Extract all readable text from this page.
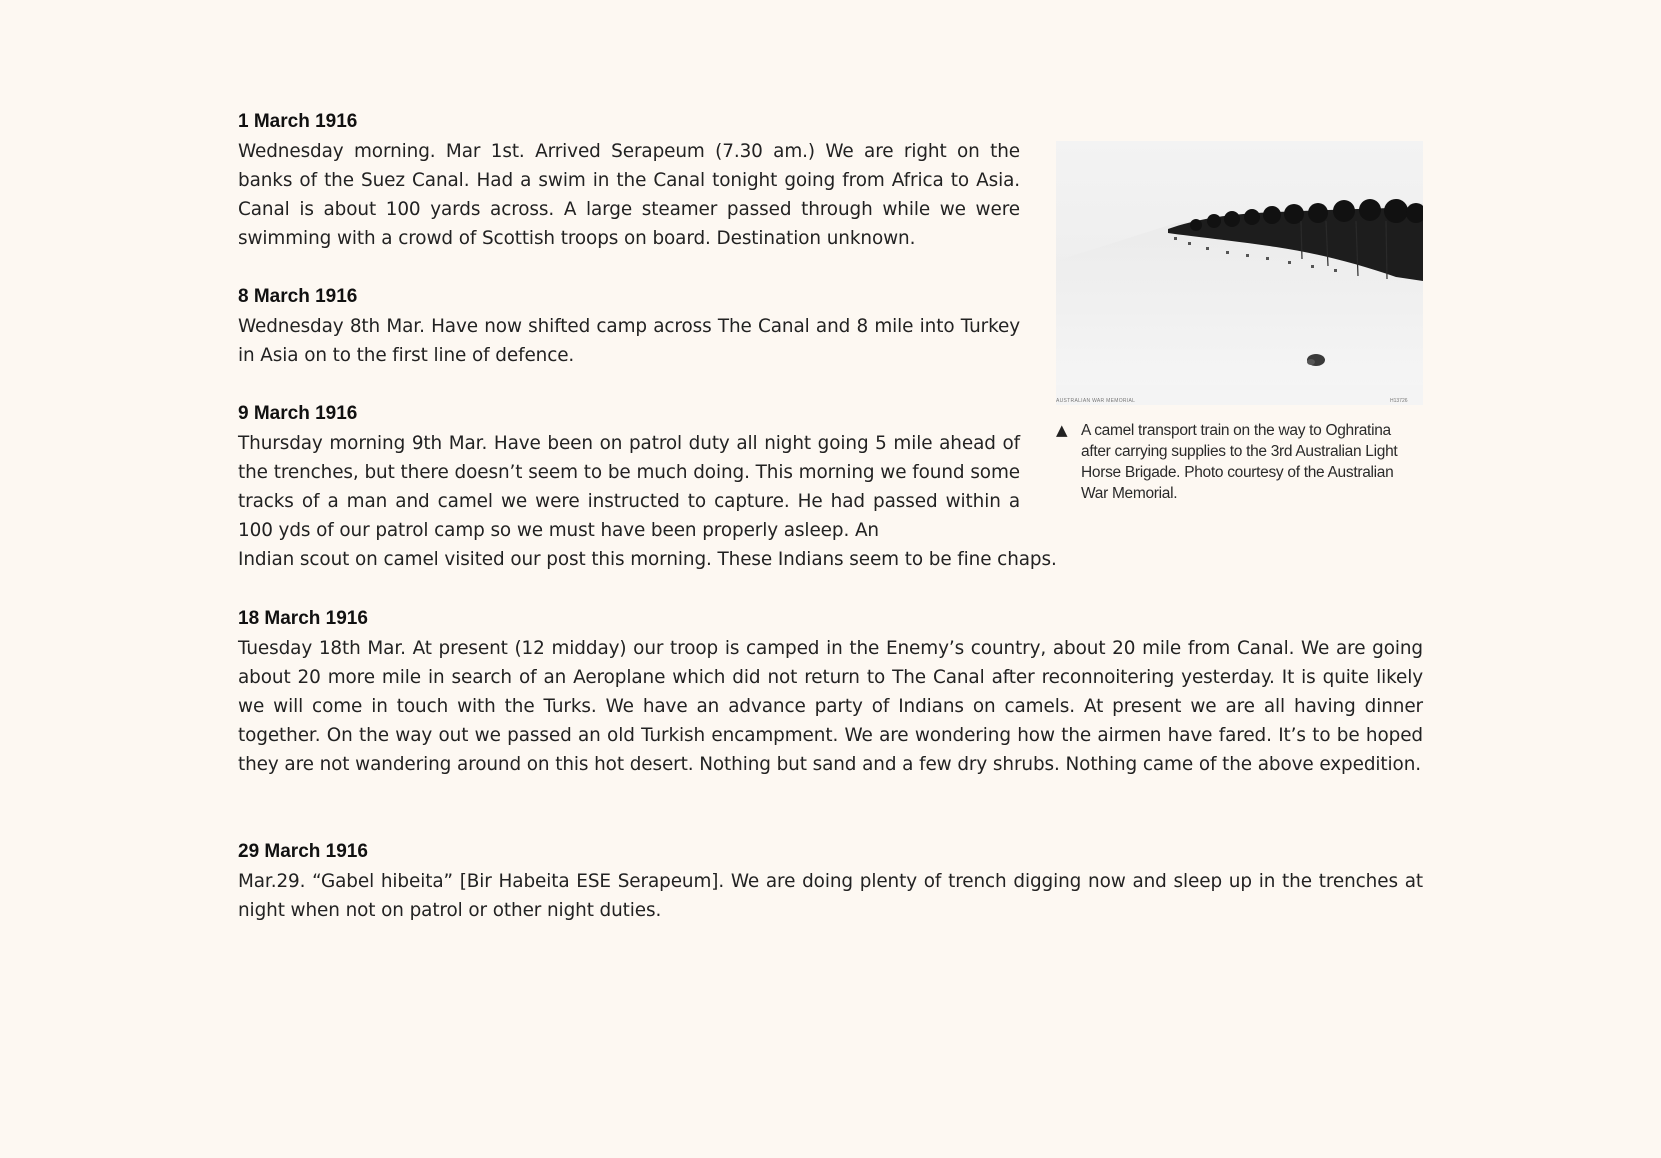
1 March 1916

Wednesday morning. Mar 1st. Arrived Serapeum (7.30 am.) We are right on the banks of the Suez Canal. Had a swim in the Canal tonight going from Africa to Asia. Canal is about 100 yards across. A large steamer passed through while we were swimming with a crowd of Scottish troops on board. Destination unknown.

8 March 1916

Wednesday 8th Mar. Have now shifted camp across The Canal and 8 mile into Turkey in Asia on to the first line of defence.

9 March 1916

Thursday morning 9th Mar. Have been on patrol duty all night going 5 mile ahead of the trenches, but there doesn’t seem to be much doing. This morning we found some tracks of a man and camel we were instructed to capture. He had passed within a 100 yds of our patrol camp so we must have been properly asleep. An

Indian scout on camel visited our post this morning. These Indians seem to be fine chaps.

18 March 1916

Tuesday 18th Mar. At present (12 midday) our troop is camped in the Enemy’s country, about 20 mile from Canal. We are going about 20 more mile in search of an Aeroplane which did not return to The Canal after reconnoitering yesterday. It is quite likely we will come in touch with the Turks. We have an advance party of Indians on camels. At present we are all having dinner together. On the way out we passed an old Turkish encampment. We are wondering how the airmen have fared. It’s to be hoped they are not wandering around on this hot desert. Nothing but sand and a few dry shrubs. Nothing came of the above expedition.

29 March 1916

Mar.29. “Gabel hibeita” [Bir Habeita ESE Serapeum]. We are doing plenty of trench digging now and sleep up in the trenches at night when not on patrol or other night duties.

AUSTRALIAN WAR MEMORIAL	H13726
▲ A camel transport train on the way to Oghratina after carrying supplies to the 3rd Australian Light Horse Brigade. Photo courtesy of the Australian War Memorial.
